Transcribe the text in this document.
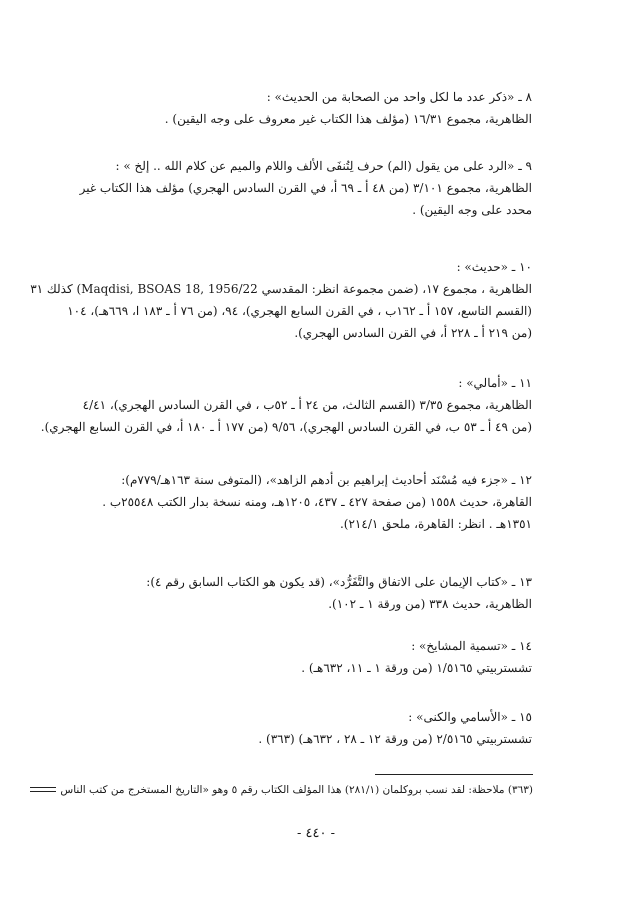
٨ ـ «ذكر عدد ما لكل واحد من الصحابة من الحديث» :
الظاهرية، مجموع ١٦/٣١ (مؤلف هذا الكتاب غير معروف على وجه اليقين) .
٩ ـ «الرد على من يقول (الم) حرف لِتُنفَى الألف واللام والميم عن كلام الله .. إلخ » :
الظاهرية، مجموع ٣/١٠١ (من ٤٨ أ ـ ٦٩ أ، في القرن السادس الهجري) مؤلف هذا الكتاب غير
محدد على وجه اليقين) .
١٠ ـ «حديث» :
الظاهرية ، مجموع ١٧، (ضمن مجموعة انظر: المقدسي Maqdisi, BSOAS 18, 1956/22) كذلك ٣١
(القسم التاسع، ١٥٧ أ ـ ١٦٢ب ، في القرن السابع الهجري)، ٩٤، (من ٧٦ أ ـ ١٨٣ ا، ٦٦٩هـ)، ١٠٤
(من ٢١٩ أ ـ ٢٢٨ أ، في القرن السادس الهجري).
١١ ـ «أمالي» :
الظاهرية، مجموع ٣/٣٥ (القسم الثالث، من ٢٤ أ ـ ٥٢ب ، في القرن السادس الهجري)، ٤/٤١
(من ٤٩ أ ـ ٥٣ ب، في القرن السادس الهجري)، ٩/٥٦ (من ١٧٧ أ ـ ١٨٠ أ، في القرن السابع الهجري).
١٢ ـ «جزء فيه مُسْنَد أحاديث إبراهيم بن أدهم الزاهد»، (المتوفى سنة ١٦٣هـ/٧٧٩م):
القاهرة، حديث ١٥٥٨ (من صفحة ٤٢٧ ـ ٤٣٧، ١٢٠٥هـ، ومنه نسخة بدار الكتب ٢٥٥٤٨ب .
١٣٥١هـ . انظر: القاهرة، ملحق ٢١٤/١).
١٣ ـ «كتاب الإيمان على الاتفاق والتَّفَرُّد»، (قد يكون هو الكتاب السابق رقم ٤):
الظاهرية، حديث ٣٣٨ (من ورقة ١ ـ ١٠٢).
١٤ ـ «تسمية المشايخ» :
تشستربيتي ١/٥١٦٥ (من ورقة ١ ـ ١١، ٦٣٢هـ) .
١٥ ـ «الأسامي والكنى» :
تشستربيتي ٢/٥١٦٥ (من ورقة ١٢ ـ ٢٨ ، ٦٣٢هـ) (٣٦٣) .
(٣٦٣) ملاحظة: لقد نسب بروكلمان (٢٨١/١) هذا المؤلف الكتاب رقم ٥ وهو «التاريخ المستخرج من كتب الناس
- ٤٤٠ -
